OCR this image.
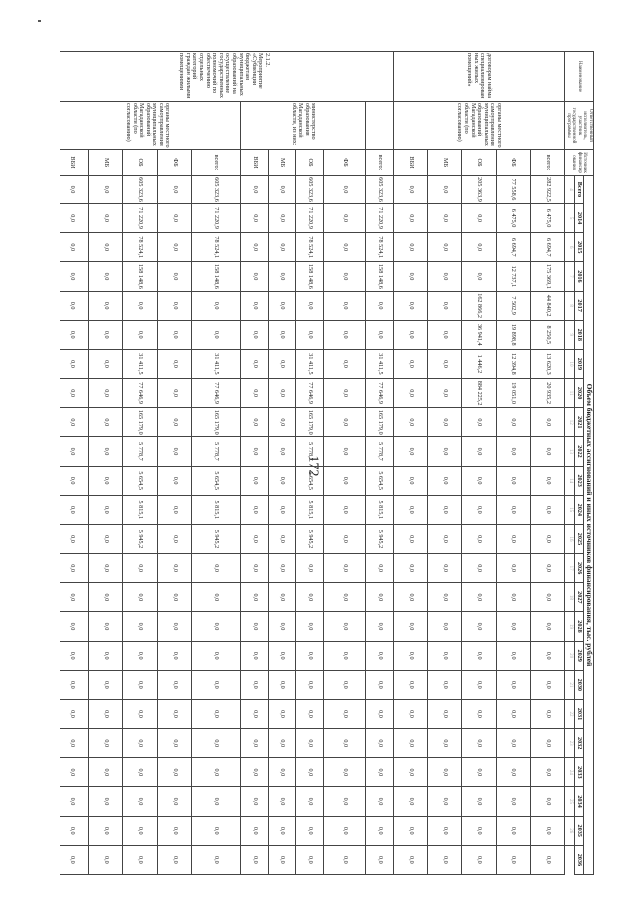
172
Наименование	Ответственный исполнитель, участник государственной программы	Источник финансирования	Объем бюджетных ассигнований и иных источников финансирования, тыс. рублей																							
			Всего	2014	2015	2016	2017	2018	2019	2020	2021	2022	2023	2024	2025	2026	2027	2028	2029	2030	2031	2032	2033	2034	2035	2036
			4	5	6	7	8	9	10	11	12	13	14	15	16	17	18	19	20	21	22	23	24	25	26	
договорам найма специализированных жилых помещений»	органы местного самоуправления муниципальных образований Магаданской области (по согласованию)	всего:	282 922,5	6 475,0	6 694,7	175 369,1	44 840,2	8 250,5	13 620,3	20 935,2	0,0	0,0	0,0	0,0	0,0	0,0	0,0	0,0	0,0	0,0	0,0	0,0	0,0	0,0	0,0	0,0
		ФБ	77 558,6	6 475,0	6 694,7	12 737,1	7 502,9	19 898,8	12 394,8	19 051,0	0,0	0,0	0,0	0,0	0,0	0,0	0,0	0,0	0,0	0,0	0,0	0,0	0,0	0,0	0,0	0,0
		ОБ	205 363,9	0,0	0,0	0,0	162 866,2	36 941,4	1 446,2	884 225,2	0,0	0,0	0,0	0,0	0,0	0,0	0,0	0,0	0,0	0,0	0,0	0,0	0,0	0,0	0,0	0,0
		МБ	0,0	0,0	0,0	0,0	0,0	0,0	0,0	0,0	0,0	0,0	0,0	0,0	0,0	0,0	0,0	0,0	0,0	0,0	0,0	0,0	0,0	0,0	0,0	0,0
		ВБИ	0,0	0,0	0,0	0,0	0,0	0,0	0,0	0,0	0,0	0,0	0,0	0,0	0,0	0,0	0,0	0,0	0,0	0,0	0,0	0,0	0,0	0,0	0,0	0,0
2.1.2. Мероприятие «Субвенции бюджетам муниципальных образований на осуществление государственных полномочий по обеспечению отдельных категорий граждан жилыми помещениями		всего:	605 323,6	71 220,9	78 524,1	158 148,6	0,0	0,0	31 411,5	77 646,9	165 179,0	5 778,7	5 654,5	5 815,1	5 945,2	0,0	0,0	0,0	0,0	0,0	0,0	0,0	0,0	0,0	0,0	0,0
	министерство образования Магаданской области, из них:	ФБ	0,0	0,0	0,0	0,0	0,0	0,0	0,0	0,0	0,0	0,0	0,0	0,0	0,0	0,0	0,0	0,0	0,0	0,0	0,0	0,0	0,0	0,0	0,0	0,0
		ОБ	605 323,6	71 220,9	78 524,1	158 148,6	0,0	0,0	31 411,5	77 646,9	165 179,0	5 778,7	5 654,5	5 815,1	5 945,2	0,0	0,0	0,0	0,0	0,0	0,0	0,0	0,0	0,0	0,0	0,0
		МБ	0,0	0,0	0,0	0,0	0,0	0,0	0,0	0,0	0,0	0,0	0,0	0,0	0,0	0,0	0,0	0,0	0,0	0,0	0,0	0,0	0,0	0,0	0,0	0,0
		ВБИ	0,0	0,0	0,0	0,0	0,0	0,0	0,0	0,0	0,0	0,0	0,0	0,0	0,0	0,0	0,0	0,0	0,0	0,0	0,0	0,0	0,0	0,0	0,0	0,0
	органы местного самоуправления муниципальных образований Магаданской области (по согласованию)	всего:	605 323,6	71 220,9	78 524,1	158 148,6	0,0	0,0	31 411,5	77 646,9	165 179,0	5 778,7	5 654,5	5 815,1	5 945,2	0,0	0,0	0,0	0,0	0,0	0,0	0,0	0,0	0,0	0,0	0,0
		ФБ	0,0	0,0	0,0	0,0	0,0	0,0	0,0	0,0	0,0	0,0	0,0	0,0	0,0	0,0	0,0	0,0	0,0	0,0	0,0	0,0	0,0	0,0	0,0	0,0
		ОБ	605 323,6	71 220,9	78 524,1	158 148,6	0,0	0,0	31 411,5	77 646,9	165 179,0	5 778,7	5 654,5	5 815,1	5 945,2	0,0	0,0	0,0	0,0	0,0	0,0	0,0	0,0	0,0	0,0	0,0
		МБ	0,0	0,0	0,0	0,0	0,0	0,0	0,0	0,0	0,0	0,0	0,0	0,0	0,0	0,0	0,0	0,0	0,0	0,0	0,0	0,0	0,0	0,0	0,0	0,0
		ВБИ	0,0	0,0	0,0	0,0	0,0	0,0	0,0	0,0	0,0	0,0	0,0	0,0	0,0	0,0	0,0	0,0	0,0	0,0	0,0	0,0	0,0	0,0	0,0	0,0
